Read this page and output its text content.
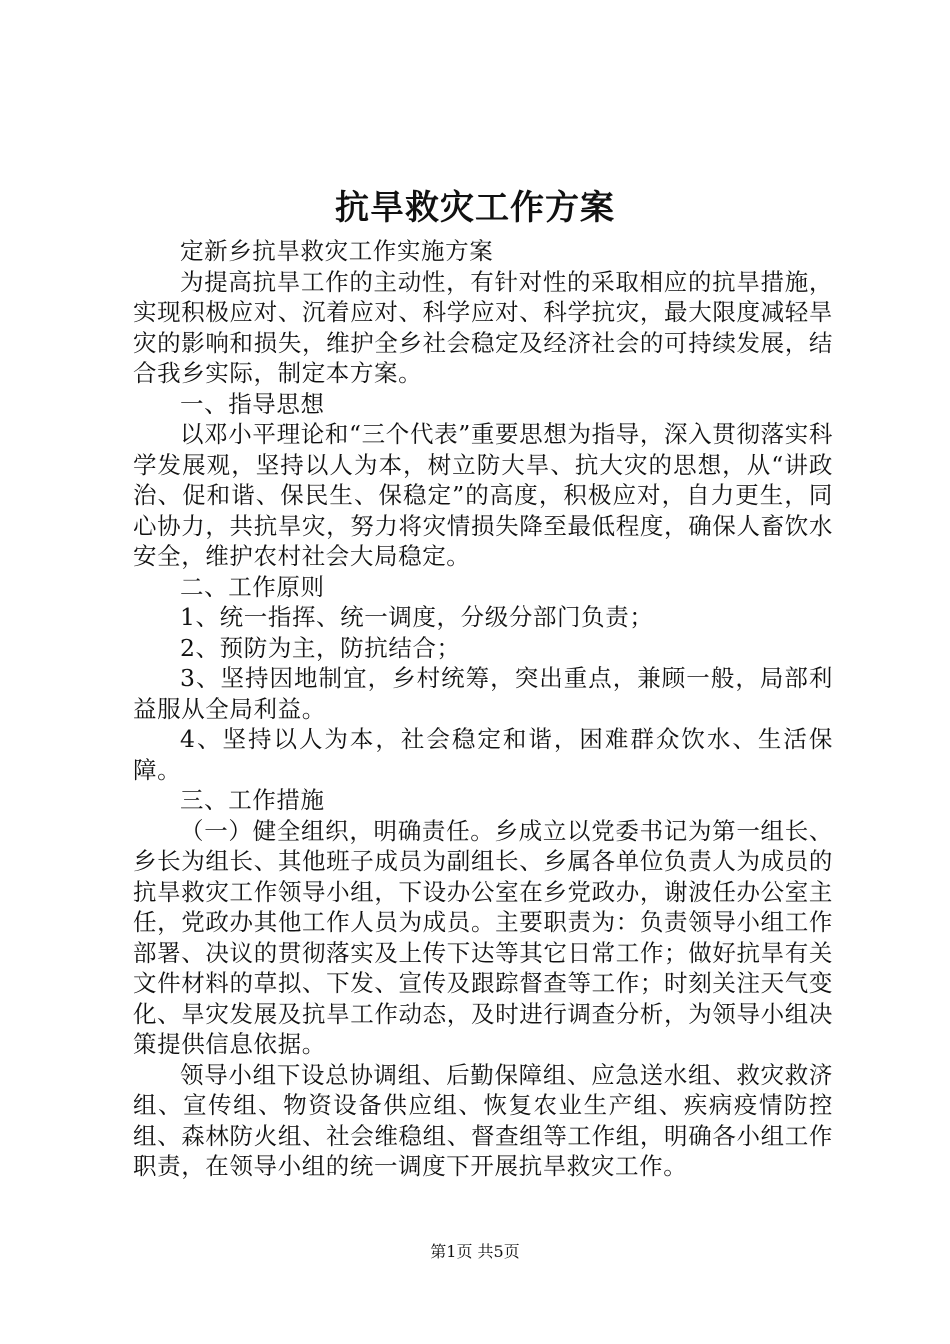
抗旱救灾工作方案

定新乡抗旱救灾工作实施方案

为提高抗旱工作的主动性，有针对性的采取相应的抗旱措施，实现积极应对、沉着应对、科学应对、科学抗灾，最大限度减轻旱灾的影响和损失，维护全乡社会稳定及经济社会的可持续发展，结合我乡实际，制定本方案。

一、指导思想

以邓小平理论和“三个代表”重要思想为指导，深入贯彻落实科学发展观，坚持以人为本，树立防大旱、抗大灾的思想，从“讲政治、促和谐、保民生、保稳定”的高度，积极应对，自力更生，同心协力，共抗旱灾，努力将灾情损失降至最低程度，确保人畜饮水安全，维护农村社会大局稳定。

二、工作原则

1、统一指挥、统一调度，分级分部门负责；

2、预防为主，防抗结合；

3、坚持因地制宜，乡村统筹，突出重点，兼顾一般，局部利益服从全局利益。

4、坚持以人为本，社会稳定和谐，困难群众饮水、生活保障。

三、工作措施

（一）健全组织，明确责任。乡成立以党委书记为第一组长、乡长为组长、其他班子成员为副组长、乡属各单位负责人为成员的抗旱救灾工作领导小组，下设办公室在乡党政办，谢波任办公室主任，党政办其他工作人员为成员。主要职责为：负责领导小组工作部署、决议的贯彻落实及上传下达等其它日常工作；做好抗旱有关文件材料的草拟、下发、宣传及跟踪督查等工作；时刻关注天气变化、旱灾发展及抗旱工作动态，及时进行调查分析，为领导小组决策提供信息依据。

领导小组下设总协调组、后勤保障组、应急送水组、救灾救济组、宣传组、物资设备供应组、恢复农业生产组、疾病疫情防控组、森林防火组、社会维稳组、督查组等工作组，明确各小组工作职责，在领导小组的统一调度下开展抗旱救灾工作。

第1页 共5页
